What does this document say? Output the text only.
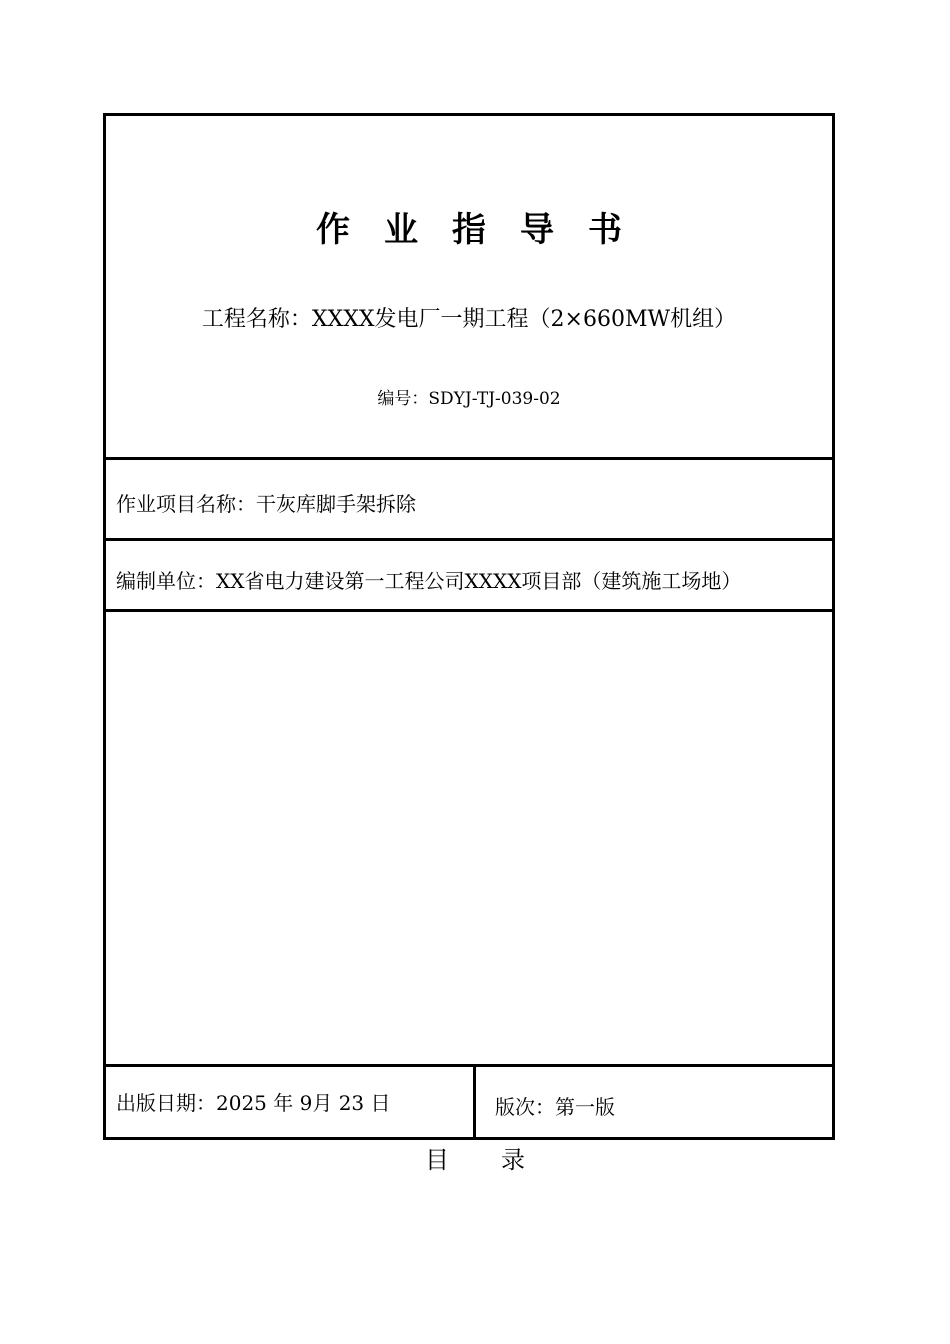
作业指导书
工程名称：XXXX发电厂一期工程（2×660MW机组）
编号：SDYJ-TJ-039-02
作业项目名称：干灰库脚手架拆除
编制单位：XX省电力建设第一工程公司XXXX项目部（建筑施工场地）
出版日期：2025 年 9月 23 日	版次：第一版
目录
